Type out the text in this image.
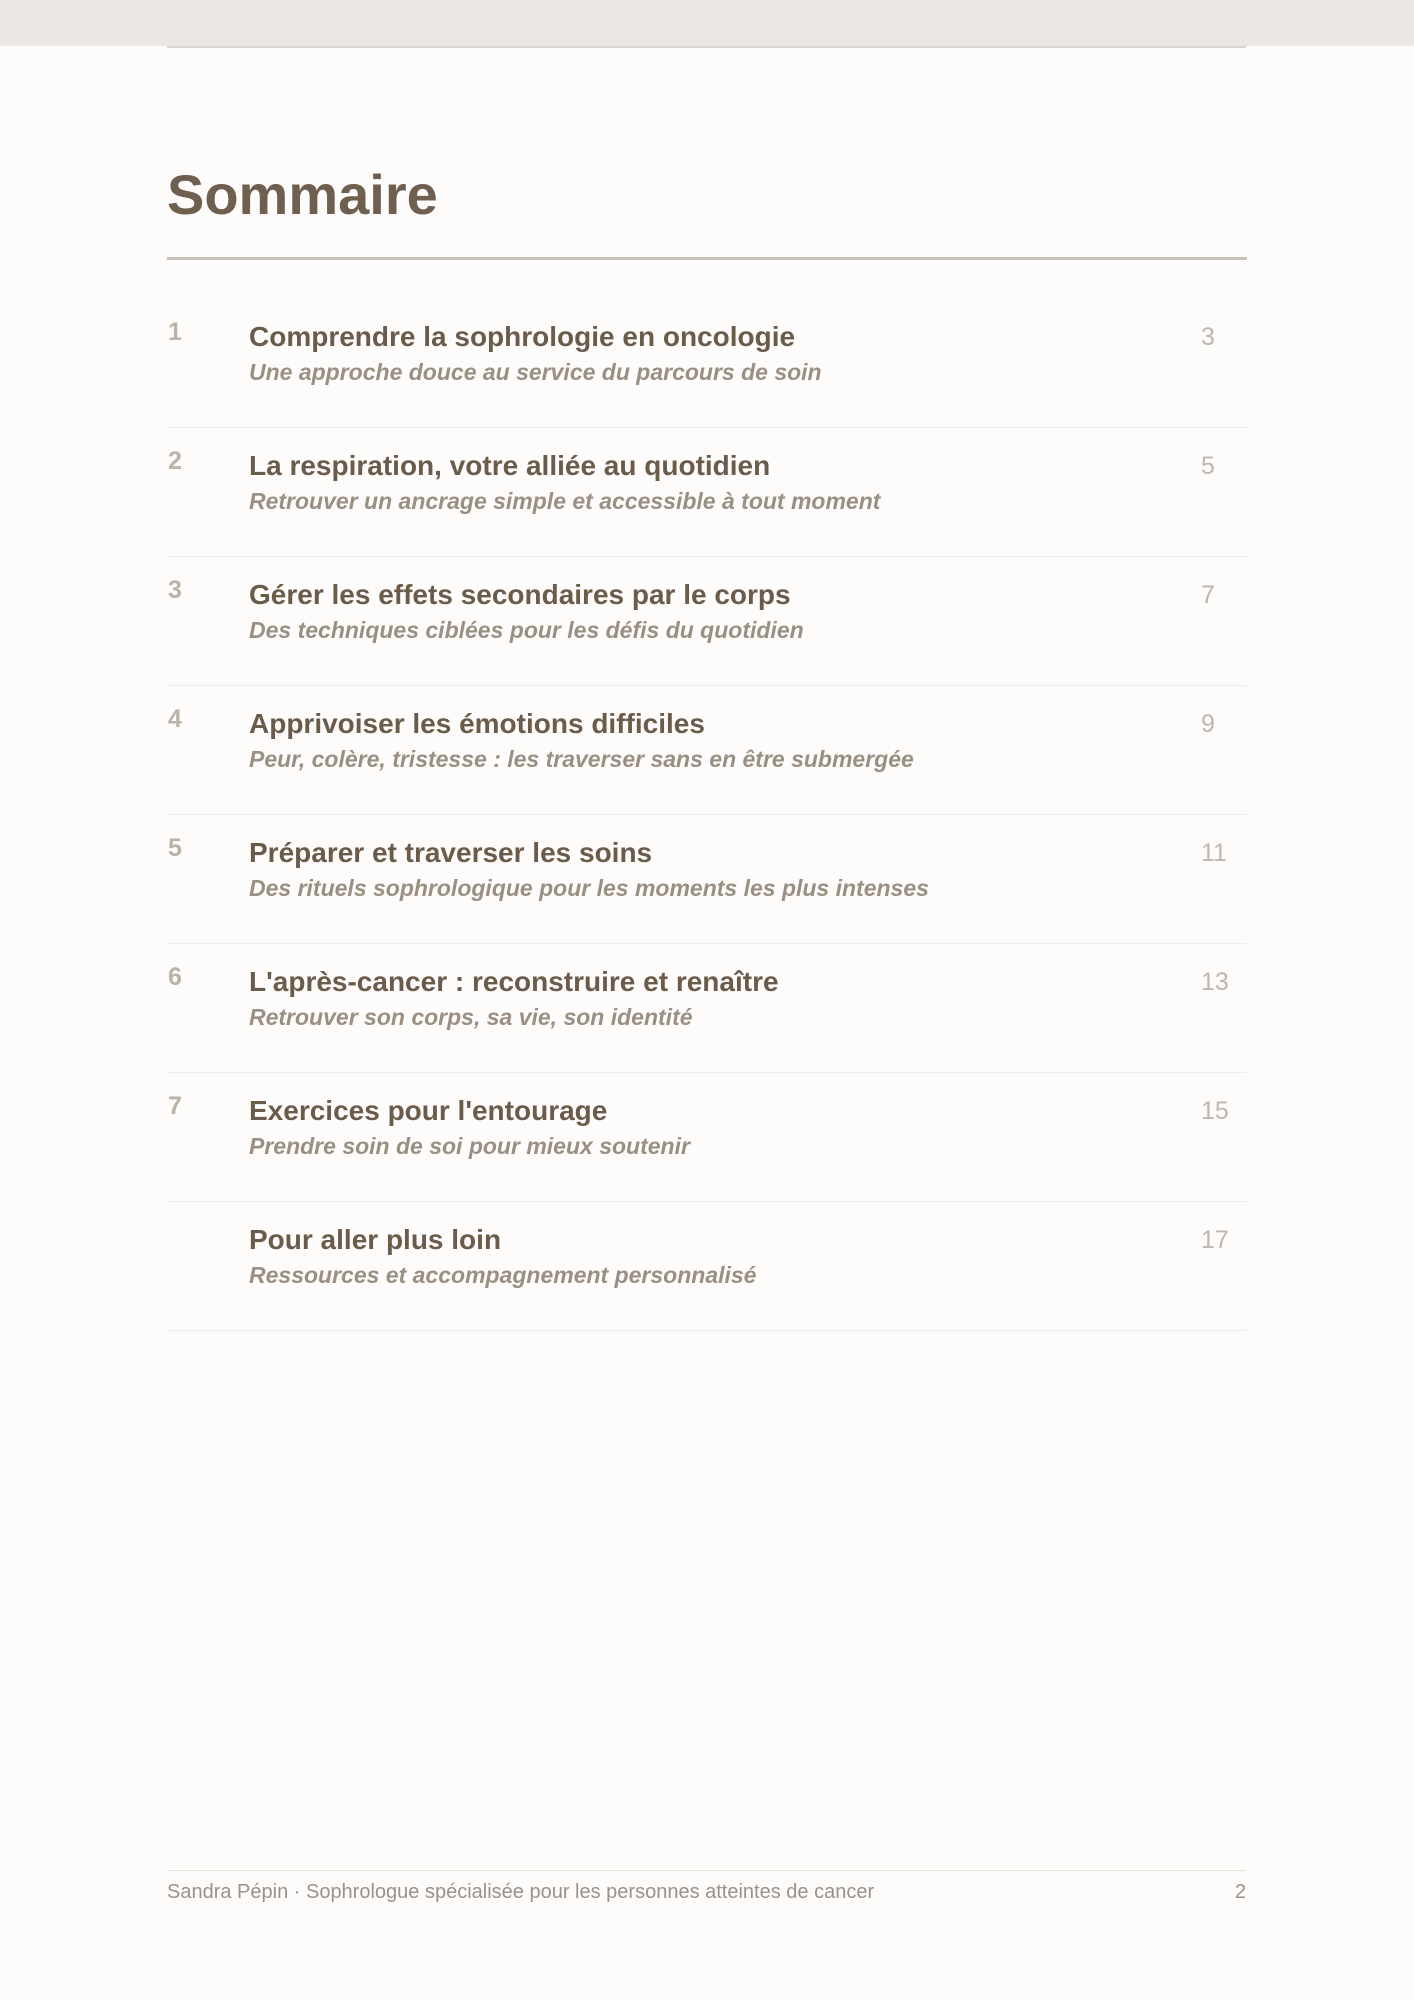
Sommaire
1 Comprendre la sophrologie en oncologie
Une approche douce au service du parcours de soin
3
2 La respiration, votre alliée au quotidien
Retrouver un ancrage simple et accessible à tout moment
5
3 Gérer les effets secondaires par le corps
Des techniques ciblées pour les défis du quotidien
7
4 Apprivoiser les émotions difficiles
Peur, colère, tristesse : les traverser sans en être submergée
9
5 Préparer et traverser les soins
Des rituels sophrologique pour les moments les plus intenses
11
6 L'après-cancer : reconstruire et renaître
Retrouver son corps, sa vie, son identité
13
7 Exercices pour l'entourage
Prendre soin de soi pour mieux soutenir
15
Pour aller plus loin
Ressources et accompagnement personnalisé
17
Sandra Pépin · Sophrologue spécialisée pour les personnes atteintes de cancer	2
